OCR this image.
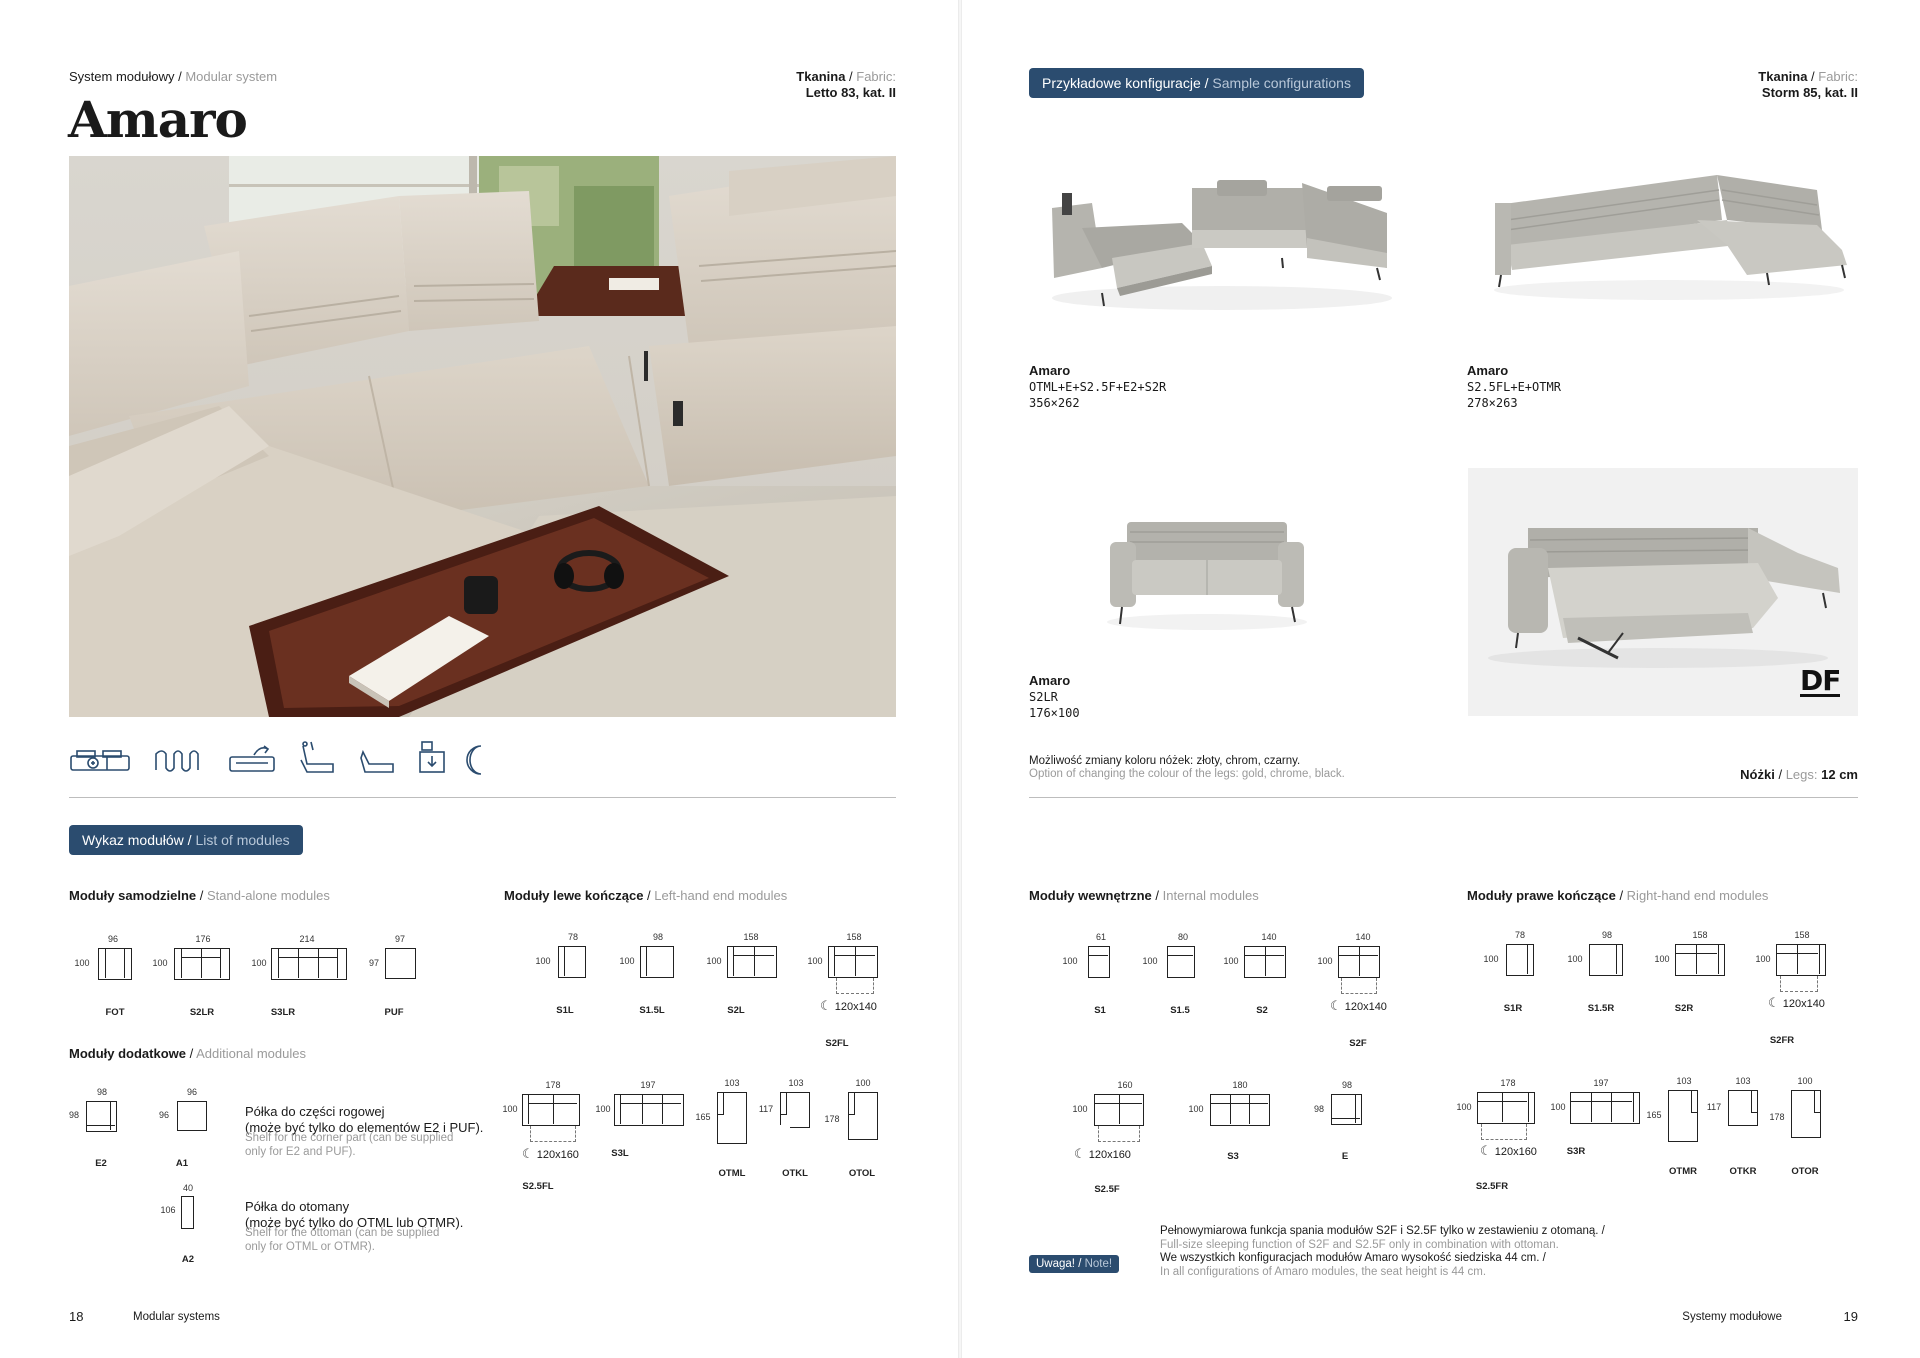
System modułowy / Modular system
Amaro
Tkanina / Fabric:
Letto 83, kat. II
Wykaz modułów / List of modules
Moduły samodzielne / Stand-alone modules	Moduły lewe kończące / Left-hand end modules
96
100
FOT
176
100
S2LR
214
100
S3LR
97
97
PUF
78
100
S1L
98
100
S1.5L
158
100
S2L
158
100
☾ 120x140
S2FL
Moduły dodatkowe / Additional modules
98
98
E2
96
96
A1
Półka do części rogowej
(może być tylko do elementów E2 i PUF).
Shelf for the corner part (can be supplied
only for E2 and PUF).
40
106
A2
Półka do otomany
(może być tylko do OTML lub OTMR).
Shelf for the ottoman (can be supplied
only for OTML or OTMR).
178
100
☾ 120x160
S2.5FL
197
100
S3L
103
165
OTML
103
117
OTKL
100
178
OTOL
18	Modular systems
Przykładowe konfiguracje / Sample configurations	Tkanina / Fabric:
Storm 85, kat. II
Amaro
OTML+E+S2.5F+E2+S2R
356×262
Amaro
S2.5FL+E+OTMR
278×263
Amaro
S2LR
176×100
DF
Możliwość zmiany koloru nóżek: złoty, chrom, czarny.
Option of changing the colour of the legs: gold, chrome, black.	Nóżki / Legs: 12 cm
Moduły wewnętrzne / Internal modules	Moduły prawe kończące / Right-hand end modules
61
100
S1
80
100
S1.5
140
100
S2
140
100
☾ 120x140
S2F
160
100
☾ 120x160
S2.5F
180
100
S3
98
98
E
78
100
S1R
98
100
S1.5R
158
100
S2R
158
100
☾ 120x140
S2FR
178
100
☾ 120x160
S2.5FR
197
100
S3R
103
165
OTMR
103
117
OTKR
100
178
OTOR
Uwaga! / Note!
Pełnowymiarowa funkcja spania modułów S2F i S2.5F tylko w zestawieniu z otomaną. /
Full-size sleeping function of S2F and S2.5F only in combination with ottoman.
We wszystkich konfiguracjach modułów Amaro wysokość siedziska 44 cm. /
In all configurations of Amaro modules, the seat height is 44 cm.
Systemy modułowe	19
